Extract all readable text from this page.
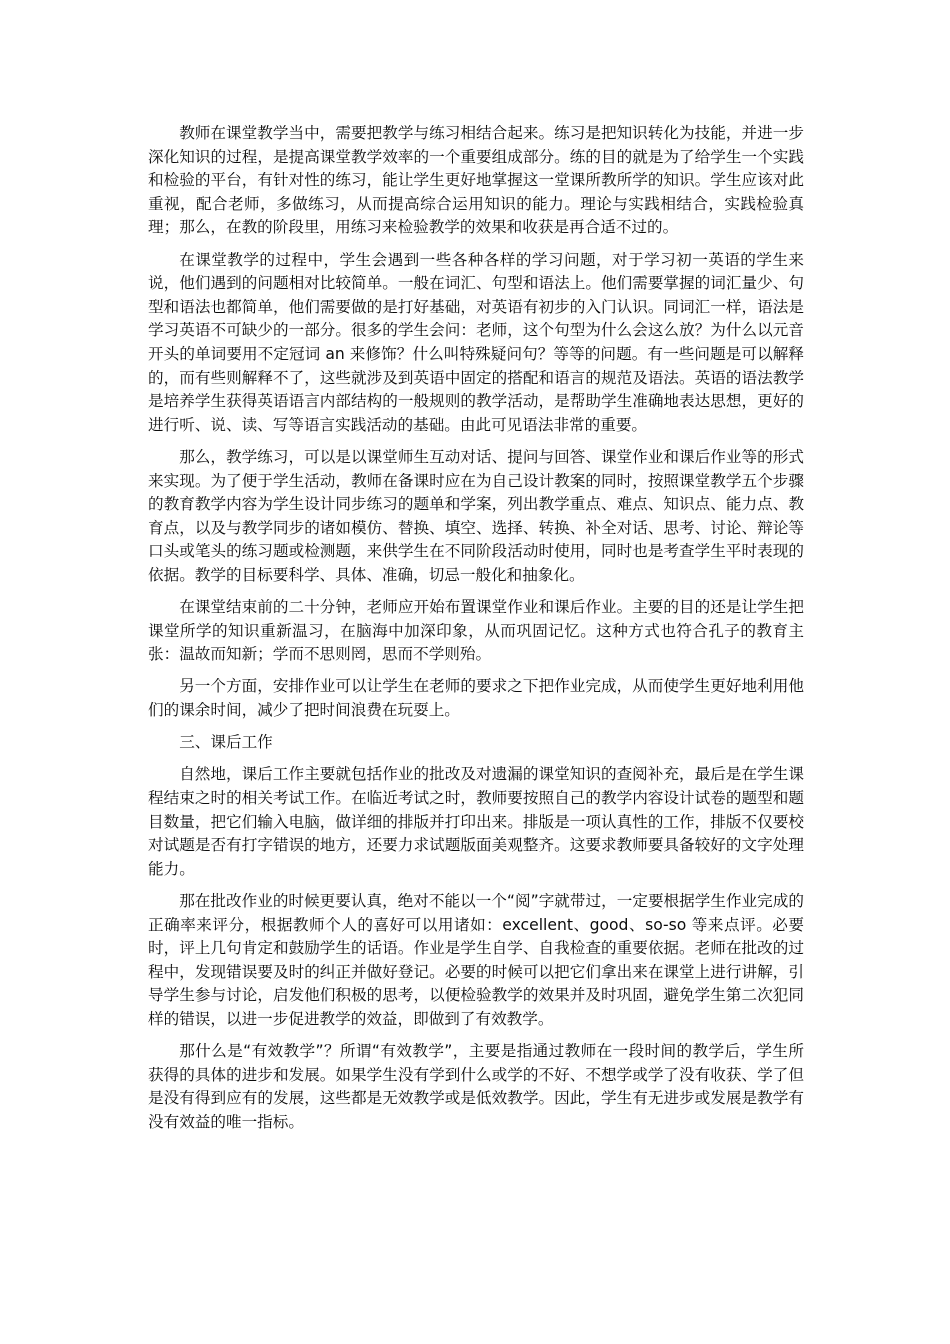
教师在课堂教学当中，需要把教学与练习相结合起来。练习是把知识转化为技能，并进一步深化知识的过程，是提高课堂教学效率的一个重要组成部分。练的目的就是为了给学生一个实践和检验的平台，有针对性的练习，能让学生更好地掌握这一堂课所教所学的知识。学生应该对此重视，配合老师，多做练习，从而提高综合运用知识的能力。理论与实践相结合，实践检验真理；那么，在教的阶段里，用练习来检验教学的效果和收获是再合适不过的。

在课堂教学的过程中，学生会遇到一些各种各样的学习问题，对于学习初一英语的学生来说，他们遇到的问题相对比较简单。一般在词汇、句型和语法上。他们需要掌握的词汇量少、句型和语法也都简单，他们需要做的是打好基础，对英语有初步的入门认识。同词汇一样，语法是学习英语不可缺少的一部分。很多的学生会问：老师，这个句型为什么会这么放？为什么以元音开头的单词要用不定冠词 an 来修饰？什么叫特殊疑问句？等等的问题。有一些问题是可以解释的，而有些则解释不了，这些就涉及到英语中固定的搭配和语言的规范及语法。英语的语法教学是培养学生获得英语语言内部结构的一般规则的教学活动，是帮助学生准确地表达思想，更好的进行听、说、读、写等语言实践活动的基础。由此可见语法非常的重要。

那么，教学练习，可以是以课堂师生互动对话、提问与回答、课堂作业和课后作业等的形式来实现。为了便于学生活动，教师在备课时应在为自己设计教案的同时，按照课堂教学五个步骤的教育教学内容为学生设计同步练习的题单和学案，列出教学重点、难点、知识点、能力点、教育点，以及与教学同步的诸如模仿、替换、填空、选择、转换、补全对话、思考、讨论、辩论等口头或笔头的练习题或检测题，来供学生在不同阶段活动时使用，同时也是考查学生平时表现的依据。教学的目标要科学、具体、准确，切忌一般化和抽象化。

在课堂结束前的二十分钟，老师应开始布置课堂作业和课后作业。主要的目的还是让学生把课堂所学的知识重新温习，在脑海中加深印象，从而巩固记忆。这种方式也符合孔子的教育主张：温故而知新；学而不思则罔，思而不学则殆。

另一个方面，安排作业可以让学生在老师的要求之下把作业完成，从而使学生更好地利用他们的课余时间，减少了把时间浪费在玩耍上。

三、课后工作

自然地，课后工作主要就包括作业的批改及对遗漏的课堂知识的查阅补充，最后是在学生课程结束之时的相关考试工作。在临近考试之时，教师要按照自己的教学内容设计试卷的题型和题目数量，把它们输入电脑，做详细的排版并打印出来。排版是一项认真性的工作，排版不仅要校对试题是否有打字错误的地方，还要力求试题版面美观整齐。这要求教师要具备较好的文字处理能力。

那在批改作业的时候更要认真，绝对不能以一个“阅”字就带过，一定要根据学生作业完成的正确率来评分，根据教师个人的喜好可以用诸如：excellent、good、so-so 等来点评。必要时，评上几句肯定和鼓励学生的话语。作业是学生自学、自我检查的重要依据。老师在批改的过程中，发现错误要及时的纠正并做好登记。必要的时候可以把它们拿出来在课堂上进行讲解，引导学生参与讨论，启发他们积极的思考，以便检验教学的效果并及时巩固，避免学生第二次犯同样的错误，以进一步促进教学的效益，即做到了有效教学。

那什么是“有效教学”？所谓“有效教学”，主要是指通过教师在一段时间的教学后，学生所获得的具体的进步和发展。如果学生没有学到什么或学的不好、不想学或学了没有收获、学了但是没有得到应有的发展，这些都是无效教学或是低效教学。因此，学生有无进步或发展是教学有没有效益的唯一指标。
